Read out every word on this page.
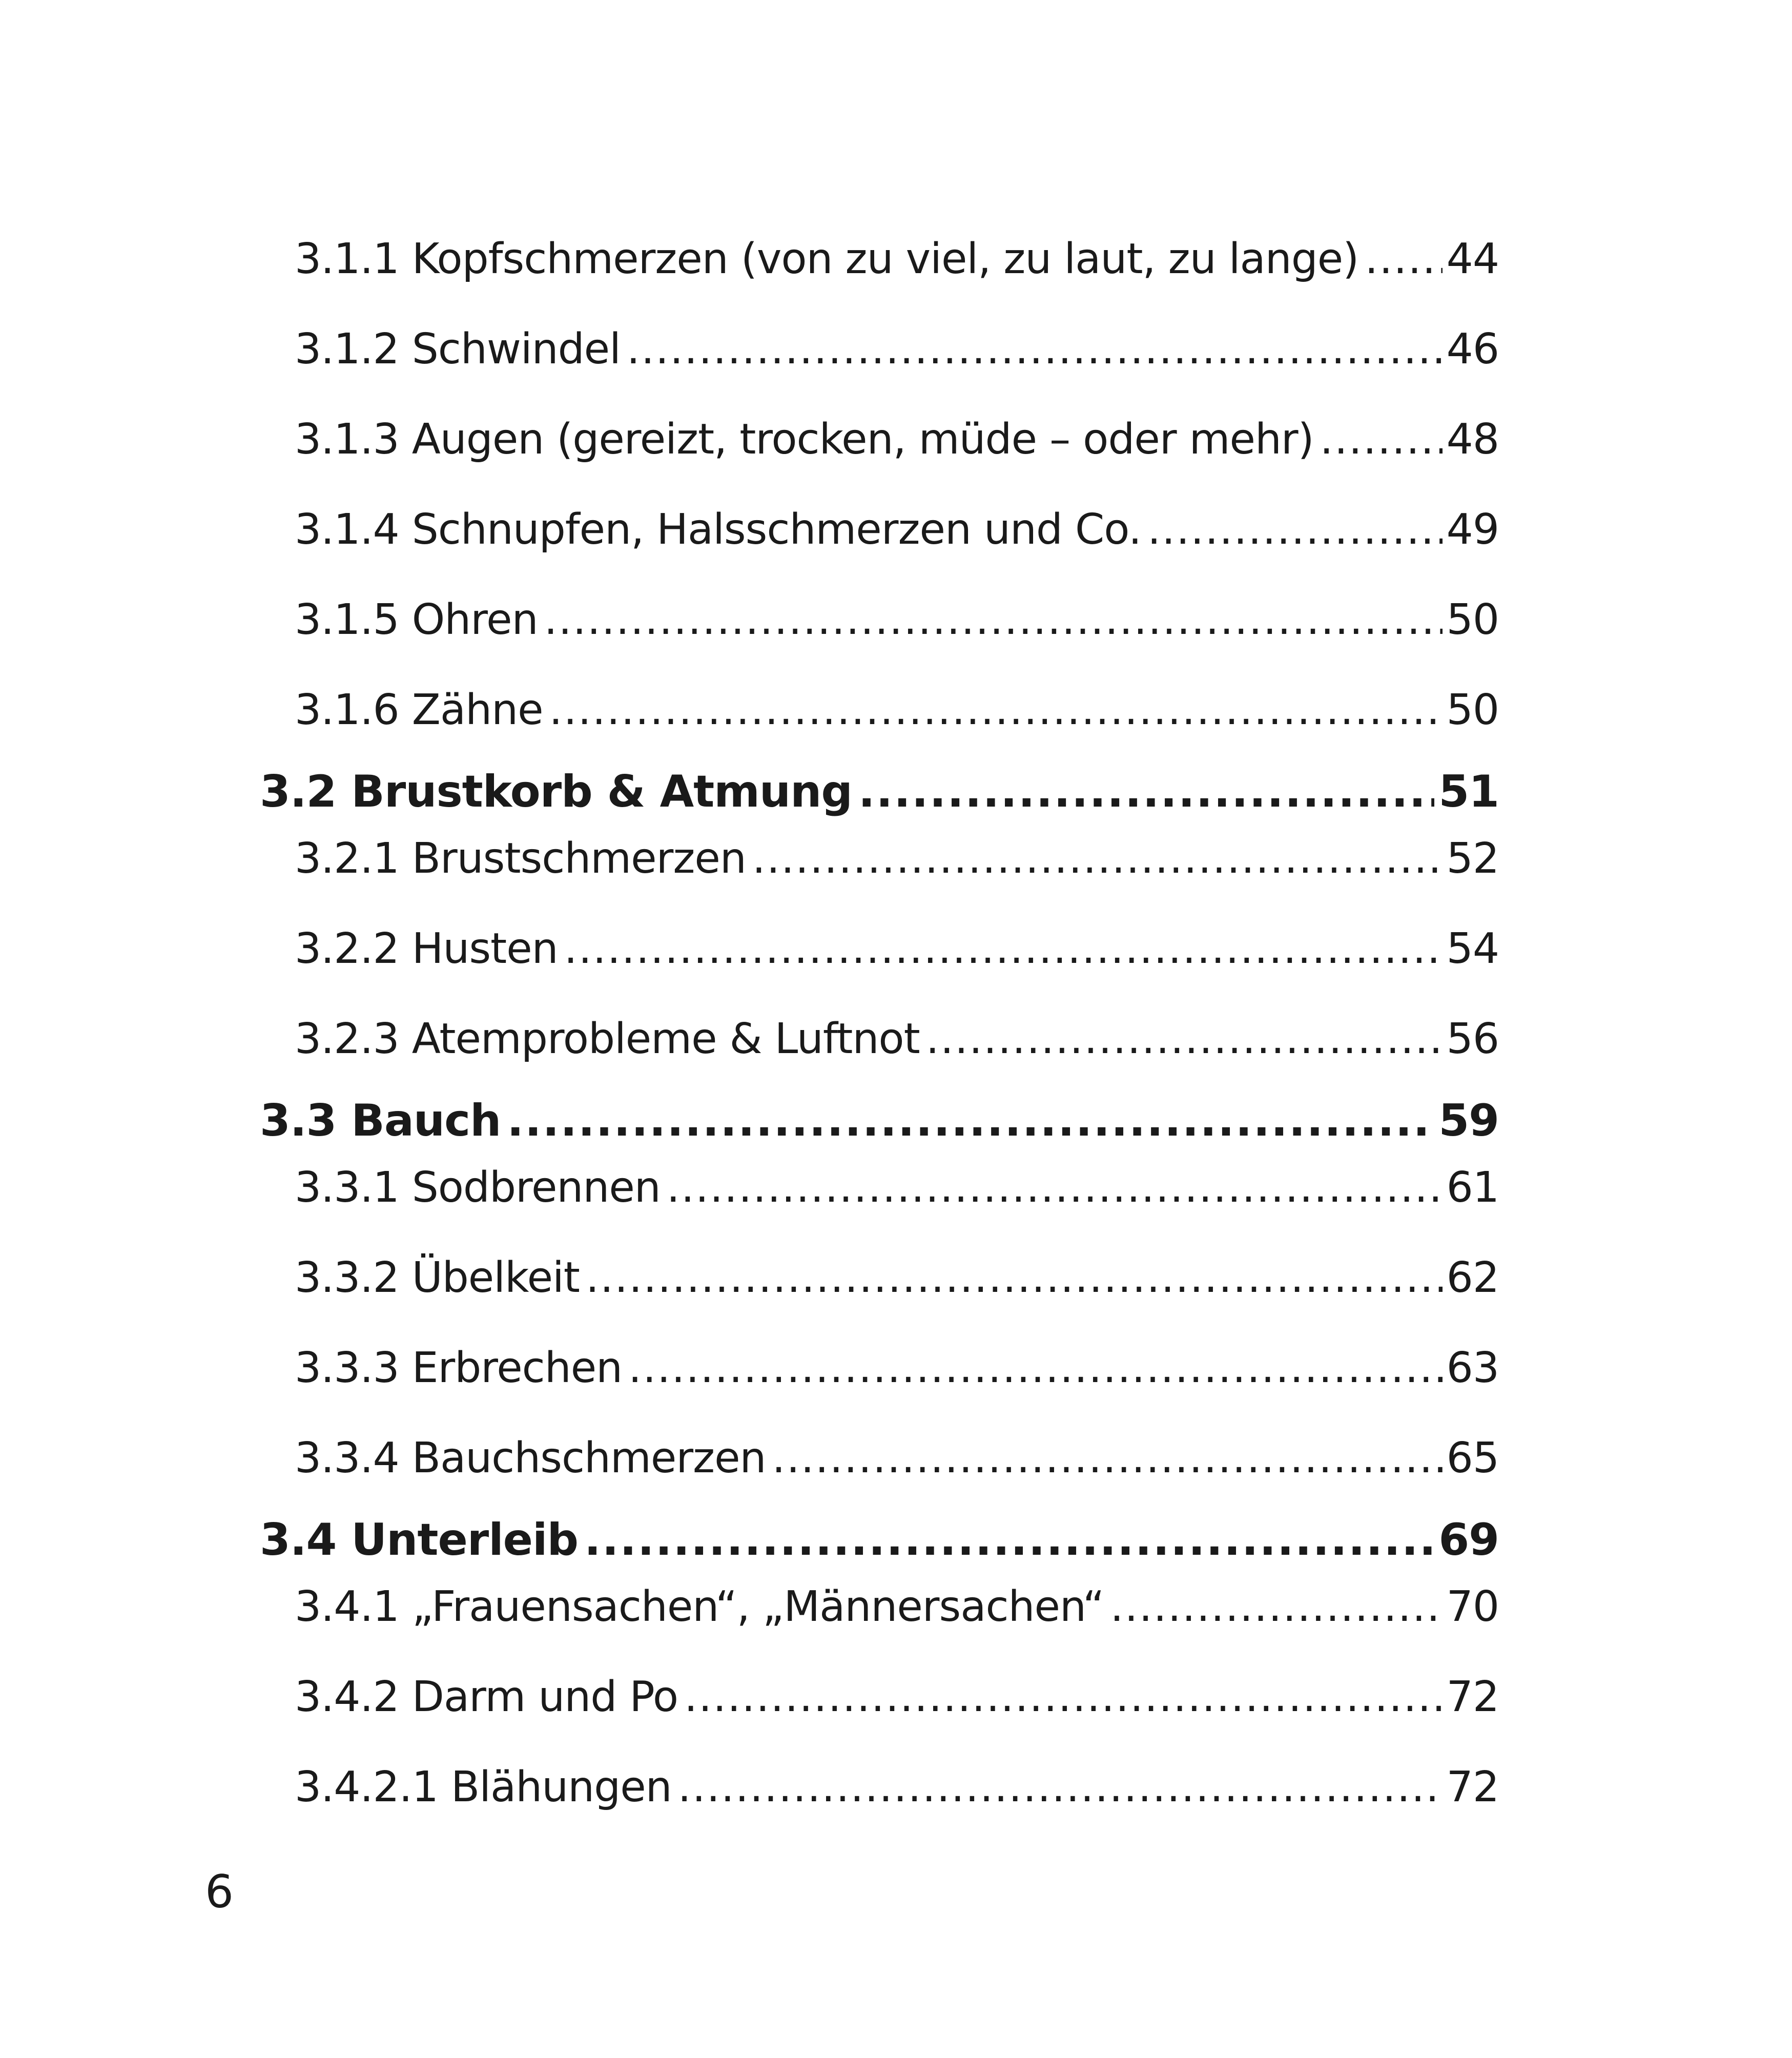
3.1.1 Kopfschmerzen (von zu viel, zu laut, zu lange) ..... 44
3.1.2 Schwindel .....	46
3.1.3 Augen (gereizt, trocken, müde – oder mehr) .....	48
3.1.4 Schnupfen, Halsschmerzen und Co. .....	49
3.1.5 Ohren .....	50
3.1.6 Zähne .....	50
3.2 Brustkorb & Atmung .....	51
3.2.1 Brustschmerzen .....	52
3.2.2 Husten .....	54
3.2.3 Atemprobleme & Luftnot .....	56
3.3 Bauch .....	59
3.3.1 Sodbrennen .....	61
3.3.2 Übelkeit .....	62
3.3.3 Erbrechen .....	63
3.3.4 Bauchschmerzen .....	65
3.4 Unterleib .....	69
3.4.1 „Frauensachen“, „Männersachen“ .....	70
3.4.2 Darm und Po .....	72
3.4.2.1 Blähungen .....	72
6
